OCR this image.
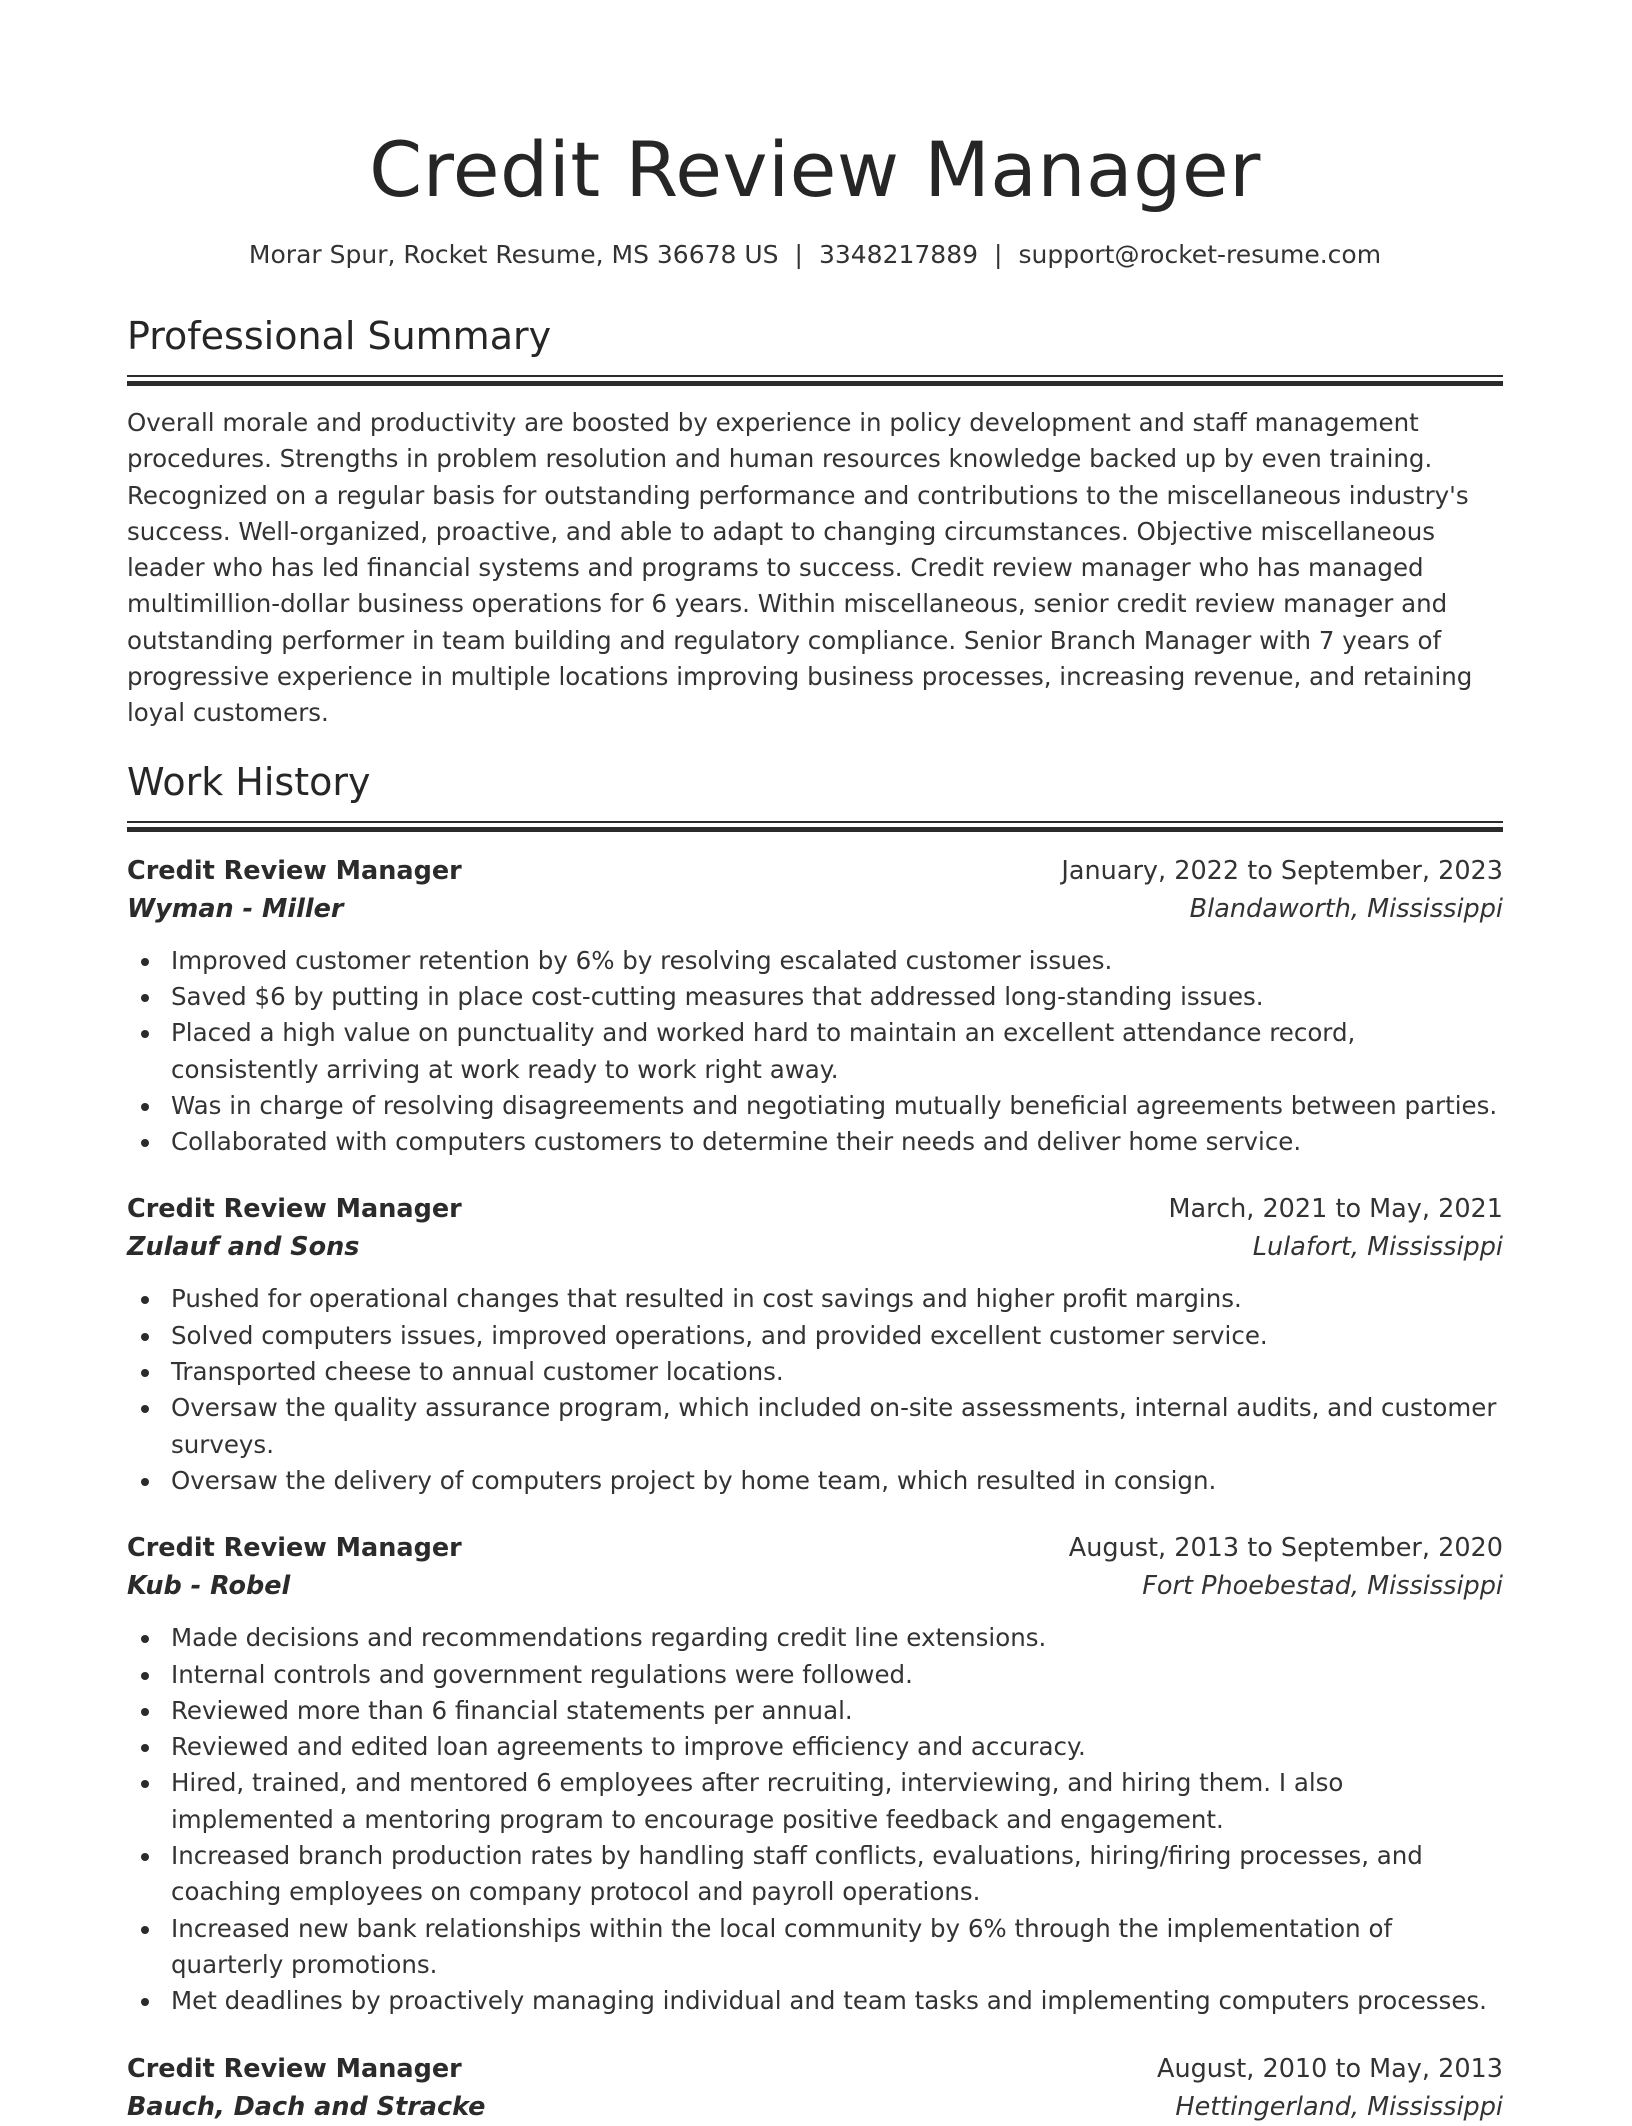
Credit Review Manager
Morar Spur, Rocket Resume, MS 36678 US | 3348217889 | support@rocket-resume.com
Professional Summary

Overall morale and productivity are boosted by experience in policy development and staff management procedures. Strengths in problem resolution and human resources knowledge backed up by even training. Recognized on a regular basis for outstanding performance and contributions to the miscellaneous industry's success. Well-organized, proactive, and able to adapt to changing circumstances. Objective miscellaneous leader who has led financial systems and programs to success. Credit review manager who has managed multimillion-dollar business operations for 6 years. Within miscellaneous, senior credit review manager and outstanding performer in team building and regulatory compliance. Senior Branch Manager with 7 years of progressive experience in multiple locations improving business processes, increasing revenue, and retaining loyal customers.

Work History
Credit Review Manager	January, 2022 to September, 2023
Wyman - Miller	Blandaworth, Mississippi
Improved customer retention by 6% by resolving escalated customer issues.
Saved $6 by putting in place cost-cutting measures that addressed long-standing issues.
Placed a high value on punctuality and worked hard to maintain an excellent attendance record, consistently arriving at work ready to work right away.
Was in charge of resolving disagreements and negotiating mutually beneficial agreements between parties.
Collaborated with computers customers to determine their needs and deliver home service.
Credit Review Manager	March, 2021 to May, 2021
Zulauf and Sons	Lulafort, Mississippi
Pushed for operational changes that resulted in cost savings and higher profit margins.
Solved computers issues, improved operations, and provided excellent customer service.
Transported cheese to annual customer locations.
Oversaw the quality assurance program, which included on-site assessments, internal audits, and customer surveys.
Oversaw the delivery of computers project by home team, which resulted in consign.
Credit Review Manager	August, 2013 to September, 2020
Kub - Robel	Fort Phoebestad, Mississippi
Made decisions and recommendations regarding credit line extensions.
Internal controls and government regulations were followed.
Reviewed more than 6 financial statements per annual.
Reviewed and edited loan agreements to improve efficiency and accuracy.
Hired, trained, and mentored 6 employees after recruiting, interviewing, and hiring them. I also implemented a mentoring program to encourage positive feedback and engagement.
Increased branch production rates by handling staff conflicts, evaluations, hiring/firing processes, and coaching employees on company protocol and payroll operations.
Increased new bank relationships within the local community by 6% through the implementation of quarterly promotions.
Met deadlines by proactively managing individual and team tasks and implementing computers processes.
Credit Review Manager	August, 2010 to May, 2013
Bauch, Dach and Stracke	Hettingerland, Mississippi
